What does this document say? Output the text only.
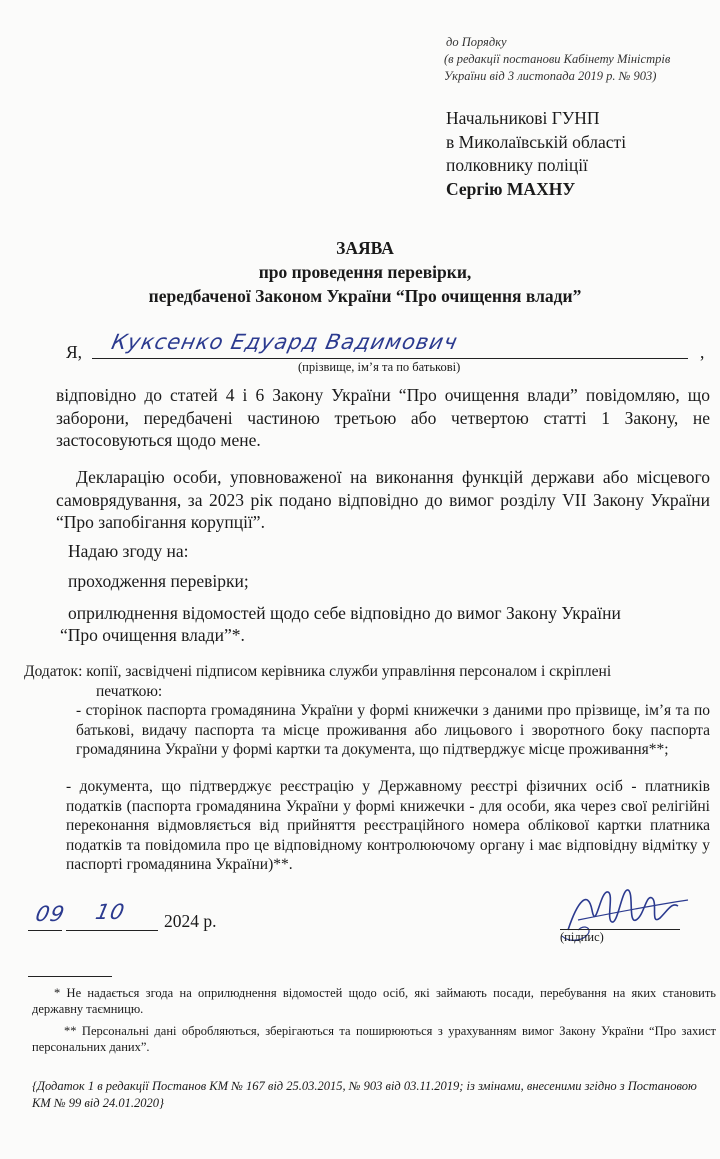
до Порядку
(в редакції постанови Кабінету Міністрів
України від 3 листопада 2019 р. № 903)
Начальникові ГУНП
в Миколаївській області
полковнику поліції
Сергію МАХНУ
ЗАЯВА
про проведення перевірки,
передбаченої Законом України “Про очищення влади”
Я, Куксенко Едуард Вадимович	,
(прізвище, ім’я та по батькові)
відповідно до статей 4 і 6 Закону України “Про очищення влади” повідомляю, що заборони, передбачені частиною третьою або четвертою статті 1 Закону, не застосовуються щодо мене.
Декларацію особи, уповноваженої на виконання функцій держави або місцевого самоврядування, за 2023 рік подано відповідно до вимог розділу VII Закону України “Про запобігання корупції”.
Надаю згоду на:
проходження перевірки;
оприлюднення відомостей щодо себе відповідно до вимог Закону України
“Про очищення влади”*.
Додаток: копії, засвідчені підписом керівника служби управління персоналом і скріплені
печаткою:
- сторінок паспорта громадянина України у формі книжечки з даними про прізвище, ім’я та по батькові, видачу паспорта та місце проживання або лицьового і зворотного боку паспорта громадянина України у формі картки та документа, що підтверджує місце проживання**;
- документа, що підтверджує реєстрацію у Державному реєстрі фізичних осіб - платників податків (паспорта громадянина України у формі книжечки - для особи, яка через свої релігійні переконання відмовляється від прийняття реєстраційного номера облікової картки платника податків та повідомила про це відповідному контролюючому органу і має відповідну відмітку у паспорті громадянина України)**.
09 10 2024 р.
(підпис)
* Не надається згода на оприлюднення відомостей щодо осіб, які займають посади, перебування на яких становить державну таємницю.
** Персональні дані обробляються, зберігаються та поширюються з урахуванням вимог Закону України “Про захист персональних даних”.
{Додаток 1 в редакції Постанов КМ № 167 від 25.03.2015, № 903 від 03.11.2019; із змінами, внесеними згідно з Постановою КМ № 99 від 24.01.2020}
